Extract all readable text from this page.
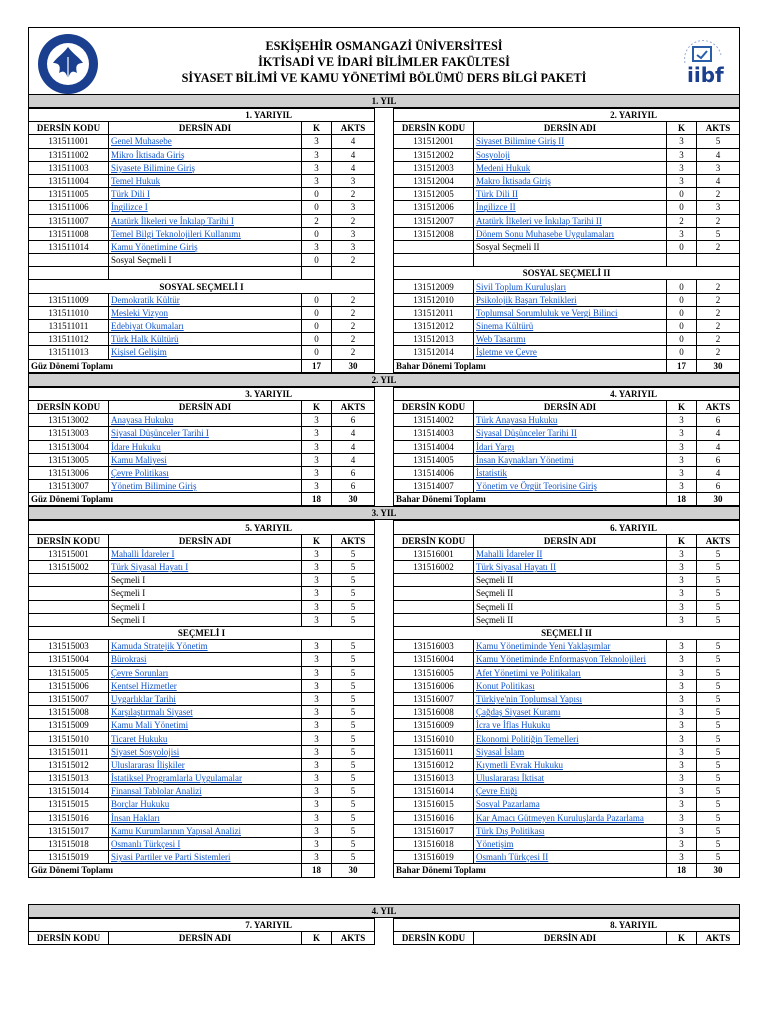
ESKİŞEHİR OSMANGAZİ ÜNİVERSİTESİ
İKTİSADİ VE İDARİ BİLİMLER FAKÜLTESİ
SİYASET BİLİMİ VE KAMU YÖNETİMİ BÖLÜMÜ DERS BİLGİ PAKETİ	iibf
1. YIL
1. YARIYIL			
DERSİN KODU	DERSİN ADI	K	AKTS
131511001	Genel Muhasebe	3	4
131511002	Mikro İktisada Giriş	3	4
131511003	Siyasete Bilimine Giriş	3	4
131511004	Temel Hukuk	3	3
131511005	Türk Dili I	0	2
131511006	İngilizce I	0	3
131511007	Atatürk İlkeleri ve İnkılap Tarihi I	2	2
131511008	Temel Bilgi Teknolojileri Kullanımı	0	3
131511014	Kamu Yönetimine Giriş	3	3
	Sosyal Seçmeli I	0	2

SOSYAL SEÇMELİ I			
131511009	Demokratik Kültür	0	2
131511010	Mesleki Vizyon	0	2
131511011	Edebiyat Okumaları	0	2
131511012	Türk Halk Kültürü	0	2
131511013	Kişisel Gelişim	0	2
Güz Dönemi Toplamı		17	30
2. YARIYIL			
DERSİN KODU	DERSİN ADI	K	AKTS
131512001	Siyaset Bilimine Giriş II	3	5
131512002	Sosyoloji	3	4
131512003	Medeni Hukuk	3	3
131512004	Makro İktisada Giriş	3	4
131512005	Türk Dili II	0	2
131512006	İngilizce II	0	3
131512007	Atatürk İlkeleri ve İnkılap Tarihi II	2	2
131512008	Dönem Sonu Muhasebe Uygulamaları	3	5
	Sosyal Seçmeli II	0	2

SOSYAL SEÇMELİ II			
131512009	Sivil Toplum Kuruluşları	0	2
131512010	Psikolojik Başarı Teknikleri	0	2
131512011	Toplumsal Sorumluluk ve Vergi Bilinci	0	2
131512012	Sinema Kültürü	0	2
131512013	Web Tasarımı	0	2
131512014	İşletme ve Çevre	0	2
Bahar Dönemi Toplamı		17	30
2. YIL
3. YARIYIL			
DERSİN KODU	DERSİN ADI	K	AKTS
131513002	Anayasa Hukuku	3	6
131513003	Siyasal Düşünceler Tarihi I	3	4
131513004	İdare Hukuku	3	4
131513005	Kamu Maliyesi	3	4
131513006	Çevre Politikası	3	6
131513007	Yönetim Bilimine Giriş	3	6
Güz Dönemi Toplamı		18	30
4. YARIYIL			
DERSİN KODU	DERSİN ADI	K	AKTS
131514002	Türk Anayasa Hukuku	3	6
131514003	Siyasal Düşünceler Tarihi II	3	4
131514004	İdari Yargı	3	4
131514005	İnsan Kaynakları Yönetimi	3	6
131514006	İstatistik	3	4
131514007	Yönetim ve Örgüt Teorisine Giriş	3	6
Bahar Dönemi Toplamı		18	30
3. YIL
5. YARIYIL			
DERSİN KODU	DERSİN ADI	K	AKTS
131515001	Mahalli İdareler I	3	5
131515002	Türk Siyasal Hayatı I	3	5
	Seçmeli I	3	5
	Seçmeli I	3	5
	Seçmeli I	3	5
	Seçmeli I	3	5
SEÇMELİ I			
131515003	Kamuda Stratejik Yönetim	3	5
131515004	Bürokrasi	3	5
131515005	Çevre Sorunları	3	5
131515006	Kentsel Hizmetler	3	5
131515007	Uygarlıklar Tarihi	3	5
131515008	Karşılaştırmalı Siyaset	3	5
131515009	Kamu Mali Yönetimi	3	5
131515010	Ticaret Hukuku	3	5
131515011	Siyaset Sosyolojisi	3	5
131515012	Uluslararası İlişkiler	3	5
131515013	İstatiksel Programlarla Uygulamalar	3	5
131515014	Finansal Tablolar Analizi	3	5
131515015	Borçlar Hukuku	3	5
131515016	İnsan Hakları	3	5
131515017	Kamu Kurumlarının Yapısal Analizi	3	5
131515018	Osmanlı Türkçesi I	3	5
131515019	Siyasi Partiler ve Parti Sistemleri	3	5
Güz Dönemi Toplamı		18	30
6. YARIYIL			
DERSİN KODU	DERSİN ADI	K	AKTS
131516001	Mahalli İdareler II	3	5
131516002	Türk Siyasal Hayatı II	3	5
	Seçmeli II	3	5
	Seçmeli II	3	5
	Seçmeli II	3	5
	Seçmeli II	3	5
SEÇMELİ II			
131516003	Kamu Yönetiminde Yeni Yaklaşımlar	3	5
131516004	Kamu Yönetiminde Enformasyon Teknolojileri	3	5
131516005	Afet Yönetimi ve Politikaları	3	5
131516006	Konut Politikası	3	5
131516007	Türkiye'nin Toplumsal Yapısı	3	5
131516008	Çağdaş Siyaset Kuramı	3	5
131516009	İcra ve İflas Hukuku	3	5
131516010	Ekonomi Politiğin Temelleri	3	5
131516011	Siyasal İslam	3	5
131516012	Kıymetli Evrak Hukuku	3	5
131516013	Uluslararası İktisat	3	5
131516014	Çevre Etiği	3	5
131516015	Sosyal Pazarlama	3	5
131516016	Kar Amacı Gütmeyen Kuruluşlarda Pazarlama	3	5
131516017	Türk Dış Politikası	3	5
131516018	Yönetişim	3	5
131516019	Osmanlı Türkçesi II	3	5
Bahar Dönemi Toplamı		18	30
4. YIL
7. YARIYIL
DERSİN KODU	DERSİN ADI	K	AKTS
8. YARIYIL
DERSİN KODU	DERSİN ADI	K	AKTS
